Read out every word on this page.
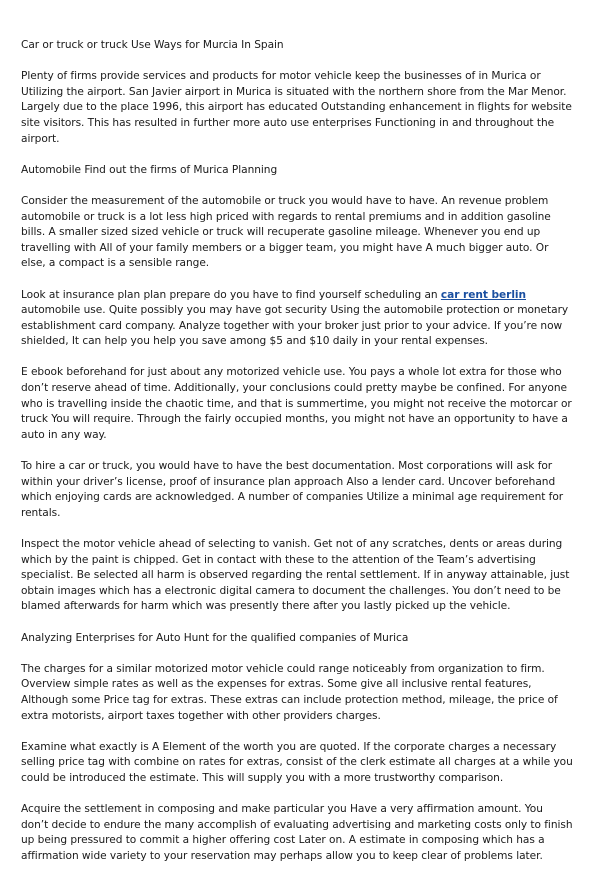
Car or truck or truck Use Ways for Murcia In Spain

Plenty of firms provide services and products for motor vehicle keep the businesses of in Murica or Utilizing the airport. San Javier airport in Murica is situated with the northern shore from the Mar Menor. Largely due to the place 1996, this airport has educated Outstanding enhancement in flights for website site visitors. This has resulted in further more auto use enterprises Functioning in and throughout the airport.

Automobile Find out the firms of Murica Planning

Consider the measurement of the automobile or truck you would have to have. An revenue problem automobile or truck is a lot less high priced with regards to rental premiums and in addition gasoline bills. A smaller sized sized vehicle or truck will recuperate gasoline mileage. Whenever you end up travelling with All of your family members or a bigger team, you might have A much bigger auto. Or else, a compact is a sensible range.

Look at insurance plan plan prepare do you have to find yourself scheduling an car rent berlin automobile use. Quite possibly you may have got security Using the automobile protection or monetary establishment card company. Analyze together with your broker just prior to your advice. If you’re now shielded, It can help you help you save among $5 and $10 daily in your rental expenses.

E ebook beforehand for just about any motorized vehicle use. You pays a whole lot extra for those who don’t reserve ahead of time. Additionally, your conclusions could pretty maybe be confined. For anyone who is travelling inside the chaotic time, and that is summertime, you might not receive the motorcar or truck You will require. Through the fairly occupied months, you might not have an opportunity to have a auto in any way.

To hire a car or truck, you would have to have the best documentation. Most corporations will ask for within your driver’s license, proof of insurance plan approach Also a lender card. Uncover beforehand which enjoying cards are acknowledged. A number of companies Utilize a minimal age requirement for rentals.

Inspect the motor vehicle ahead of selecting to vanish. Get not of any scratches, dents or areas during which by the paint is chipped. Get in contact with these to the attention of the Team’s advertising specialist. Be selected all harm is observed regarding the rental settlement. If in anyway attainable, just obtain images which has a electronic digital camera to document the challenges. You don’t need to be blamed afterwards for harm which was presently there after you lastly picked up the vehicle.

Analyzing Enterprises for Auto Hunt for the qualified companies of Murica

The charges for a similar motorized motor vehicle could range noticeably from organization to firm. Overview simple rates as well as the expenses for extras. Some give all inclusive rental features, Although some Price tag for extras. These extras can include protection method, mileage, the price of extra motorists, airport taxes together with other providers charges.

Examine what exactly is A Element of the worth you are quoted. If the corporate charges a necessary selling price tag with combine on rates for extras, consist of the clerk estimate all charges at a while you could be introduced the estimate. This will supply you with a more trustworthy comparison.

Acquire the settlement in composing and make particular you Have a very affirmation amount. You don’t decide to endure the many accomplish of evaluating advertising and marketing costs only to finish up being pressured to commit a higher offering cost Later on. A estimate in composing which has a affirmation wide variety to your reservation may perhaps allow you to keep clear of problems later.
